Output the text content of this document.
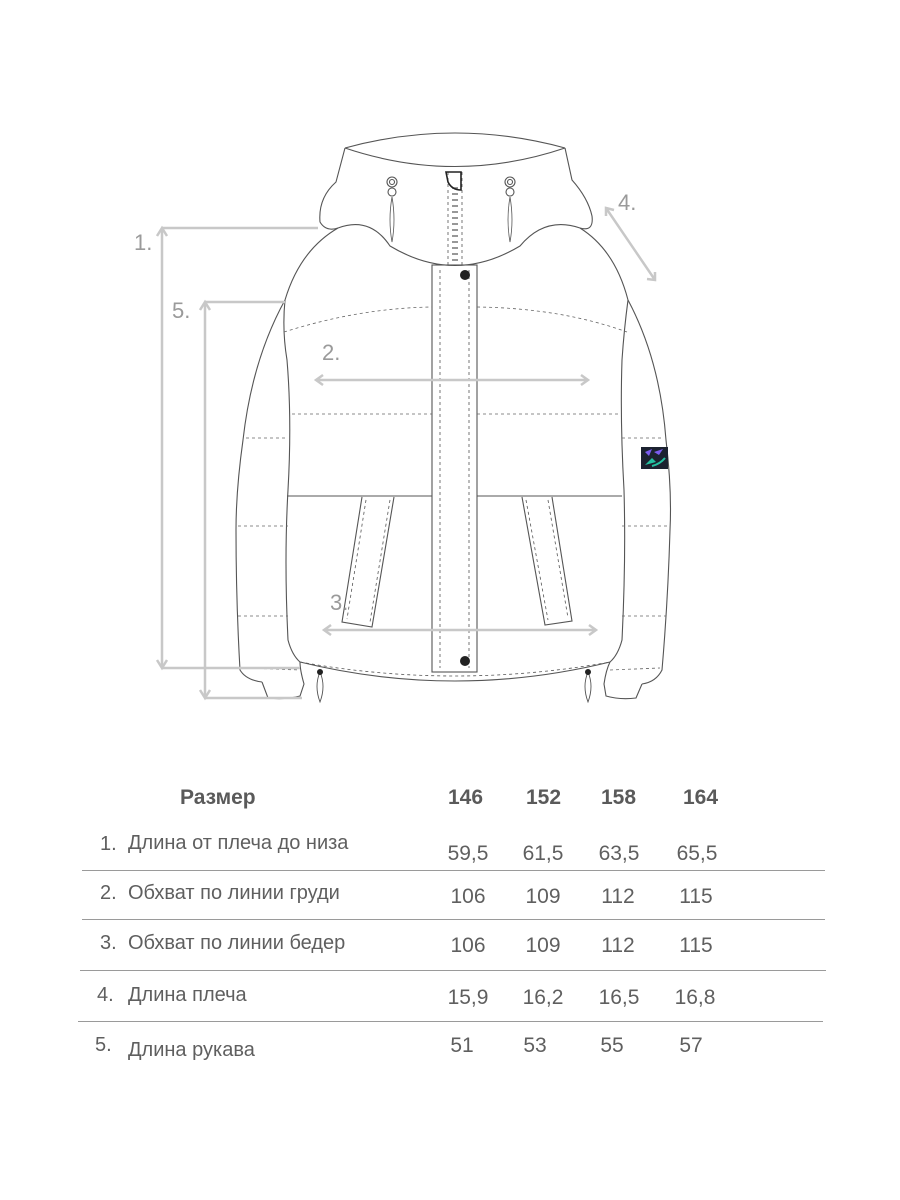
1.
5.
2.
3.
4.
Размер	146 152 158 164
1. Длина от плеча до низа	59,5	61,5	63,5	65,5
2. Обхват по линии груди	106	109	112	115
3. Обхват по линии бедер	106	109	112	115
4. Длина плеча	15,9	16,2	16,5	16,8
5. Длина рукава	51	53	55	57
